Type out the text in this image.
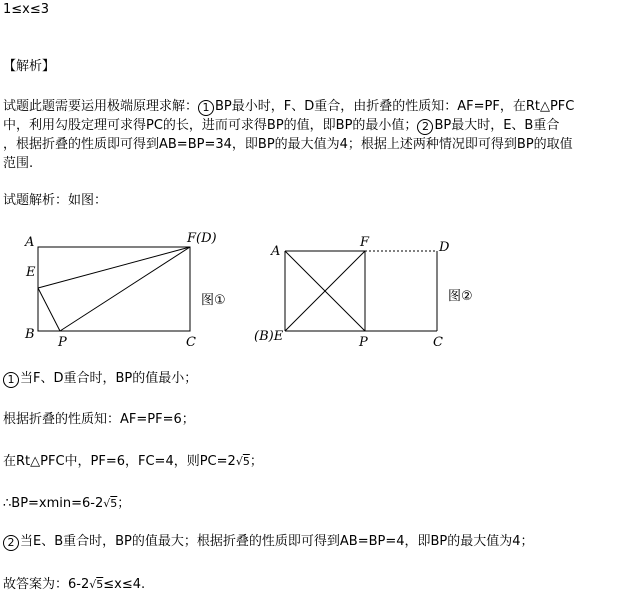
1≤x≤3
【解析】
试题此题需要运用极端原理求解： 1 BP最小时，F、D重合，由折叠的性质知：AF=PF，在Rt△PFC
中，利用勾股定理可求得PC的长，进而可求得BP的值，即BP的最小值； 2 BP最大时，E、B重合
，根据折叠的性质即可得到AB=BP=34，即BP的最大值为4；根据上述两种情况即可得到BP的取值
范围.
试题解析：如图：
A
E
B
P	C
F(D)
图①
A
F	D
(B)E	P	C
图②
1 当F、D重合时，BP的值最小；
根据折叠的性质知：AF=PF=6；
在Rt△PFC中，PF=6，FC=4，则PC=2√5；
∴BP=xmin=6-2√5；
2 当E、B重合时，BP的值最大；根据折叠的性质即可得到AB=BP=4，即BP的最大值为4；
故答案为：6-2√5≤x≤4.
